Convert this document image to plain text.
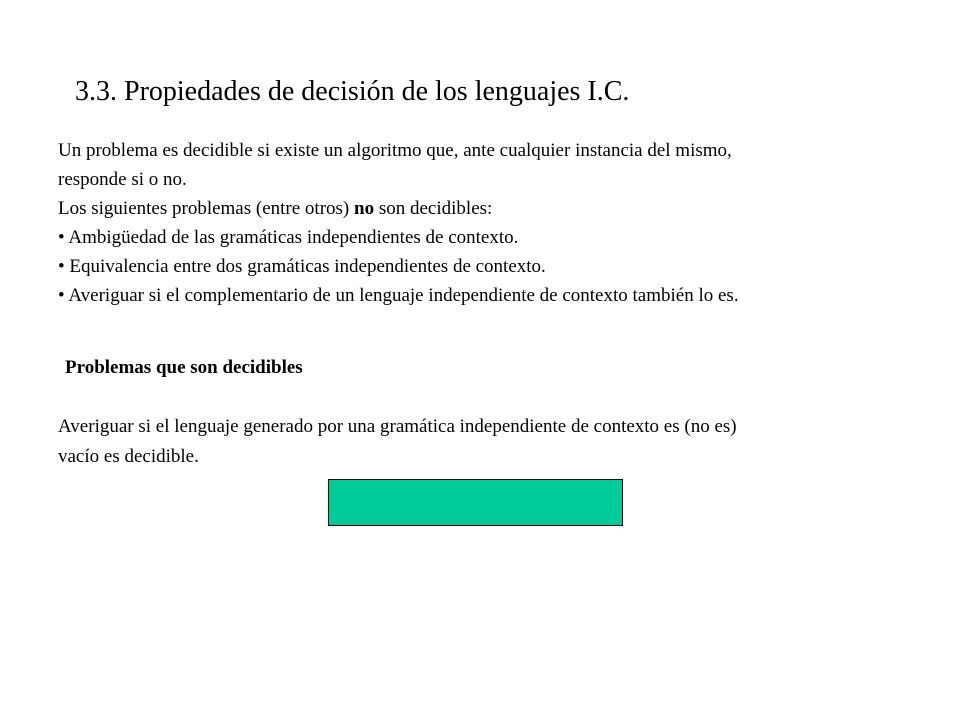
3.3. Propiedades de decisión de los lenguajes I.C.

Un problema es decidible si existe un algoritmo que, ante cualquier instancia del mismo,

responde si o no.

Los siguientes problemas (entre otros) no son decidibles:

• Ambigüedad de las gramáticas independientes de contexto.

• Equivalencia entre dos gramáticas independientes de contexto.

• Averiguar si el complementario de un lenguaje independiente de contexto también lo es.

Problemas que son decidibles

Averiguar si el lenguaje generado por una gramática independiente de contexto es (no es)
vacío es decidible.
